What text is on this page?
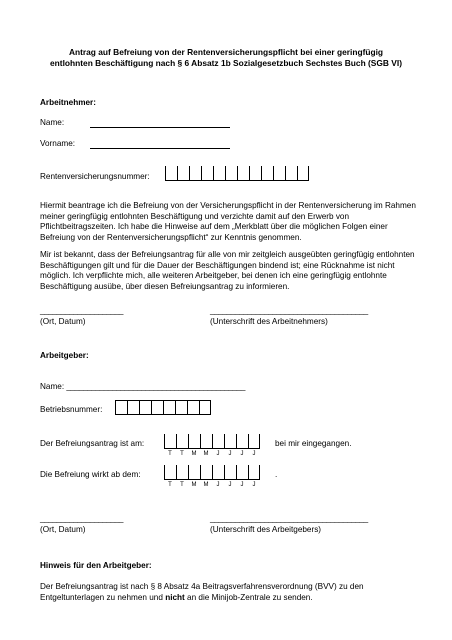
Antrag auf Befreiung von der Rentenversicherungspflicht bei einer geringfügig
entlohnten Beschäftigung nach § 6 Absatz 1b Sozialgesetzbuch Sechstes Buch (SGB VI)
Arbeitnehmer:
Name:
Vorname:
Rentenversicherungsnummer:
Hiermit beantrage ich die Befreiung von der Versicherungspflicht in der Rentenversicherung im Rahmen meiner geringfügig entlohnten Beschäftigung und verzichte damit auf den Erwerb von Pflichtbeitragszeiten. Ich habe die Hinweise auf dem „Merkblatt über die möglichen Folgen einer Befreiung von der Rentenversicherungspflicht“ zur Kenntnis genommen.
Mir ist bekannt, dass der Befreiungsantrag für alle von mir zeitgleich ausgeübten geringfügig entlohnten Beschäftigungen gilt und für die Dauer der Beschäftigungen bindend ist; eine Rücknahme ist nicht möglich. Ich verpflichte mich, alle weiteren Arbeitgeber, bei denen ich eine geringfügig entlohnte Beschäftigung ausübe, über diesen Befreiungsantrag zu informieren.
____________________	______________________________________
(Ort, Datum)	(Unterschrift des Arbeitnehmers)
Arbeitgeber:
Name: ___________________________________________
Betriebsnummer:
Der Befreiungsantrag ist am:	bei mir eingegangen.
T	T	M	M	J	J	J	J
Die Befreiung wirkt ab dem:	.
T	T	M	M	J	J	J	J
____________________	______________________________________
(Ort, Datum)	(Unterschrift des Arbeitgebers)
Hinweis für den Arbeitgeber:
Der Befreiungsantrag ist nach § 8 Absatz 4a Beitragsverfahrensverordnung (BVV) zu den Entgeltunterlagen zu nehmen und nicht an die Minijob-Zentrale zu senden.
